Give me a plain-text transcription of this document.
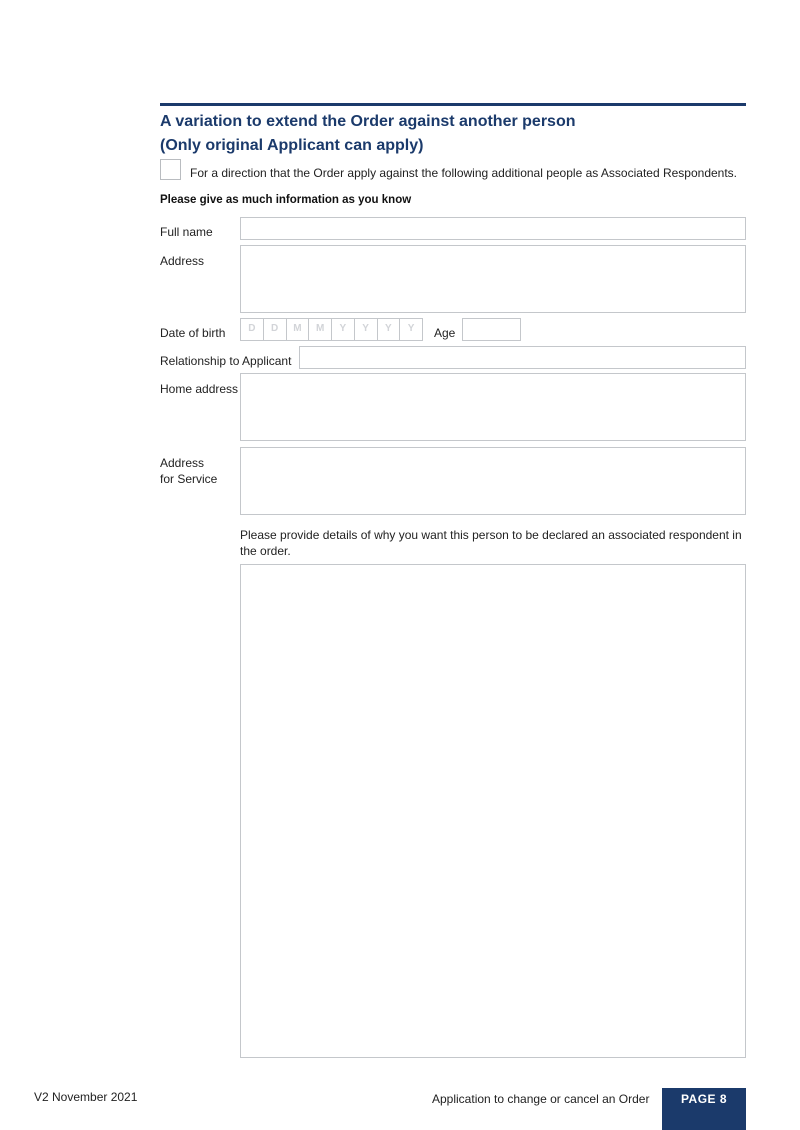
A variation to extend the Order against another person
(Only original Applicant can apply)
For a direction that the Order apply against the following additional people as Associated Respondents.
Please give as much information as you know
Full name
Address
Date of birth	D	D	M	M	Y	Y	Y	Y	Age
Relationship to Applicant
Home address
Address
for Service
Please provide details of why you want this person to be declared an associated respondent in the order.
V2 November 2021	Application to change or cancel an Order	PAGE 8
